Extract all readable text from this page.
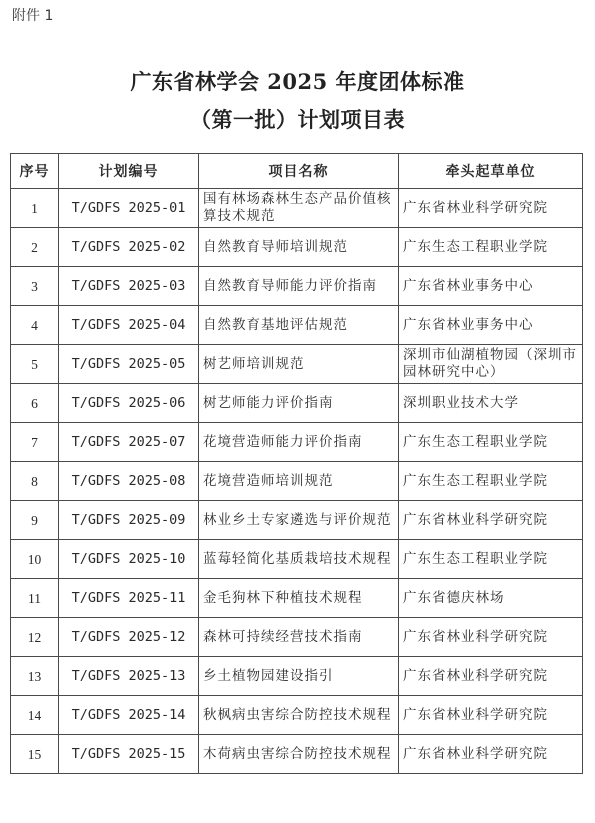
附件 1
广东省林学会 2025 年度团体标准
（第一批）计划项目表
序号	计划编号	项目名称	牵头起草单位
1	T/GDFS 2025-01	国有林场森林生态产品价值核算技术规范	广东省林业科学研究院
2	T/GDFS 2025-02	自然教育导师培训规范	广东生态工程职业学院
3	T/GDFS 2025-03	自然教育导师能力评价指南	广东省林业事务中心
4	T/GDFS 2025-04	自然教育基地评估规范	广东省林业事务中心
5	T/GDFS 2025-05	树艺师培训规范	深圳市仙湖植物园（深圳市园林研究中心）
6	T/GDFS 2025-06	树艺师能力评价指南	深圳职业技术大学
7	T/GDFS 2025-07	花境营造师能力评价指南	广东生态工程职业学院
8	T/GDFS 2025-08	花境营造师培训规范	广东生态工程职业学院
9	T/GDFS 2025-09	林业乡土专家遴选与评价规范	广东省林业科学研究院
10	T/GDFS 2025-10	蓝莓轻简化基质栽培技术规程	广东生态工程职业学院
11	T/GDFS 2025-11	金毛狗林下种植技术规程	广东省德庆林场
12	T/GDFS 2025-12	森林可持续经营技术指南	广东省林业科学研究院
13	T/GDFS 2025-13	乡土植物园建设指引	广东省林业科学研究院
14	T/GDFS 2025-14	秋枫病虫害综合防控技术规程	广东省林业科学研究院
15	T/GDFS 2025-15	木荷病虫害综合防控技术规程	广东省林业科学研究院
